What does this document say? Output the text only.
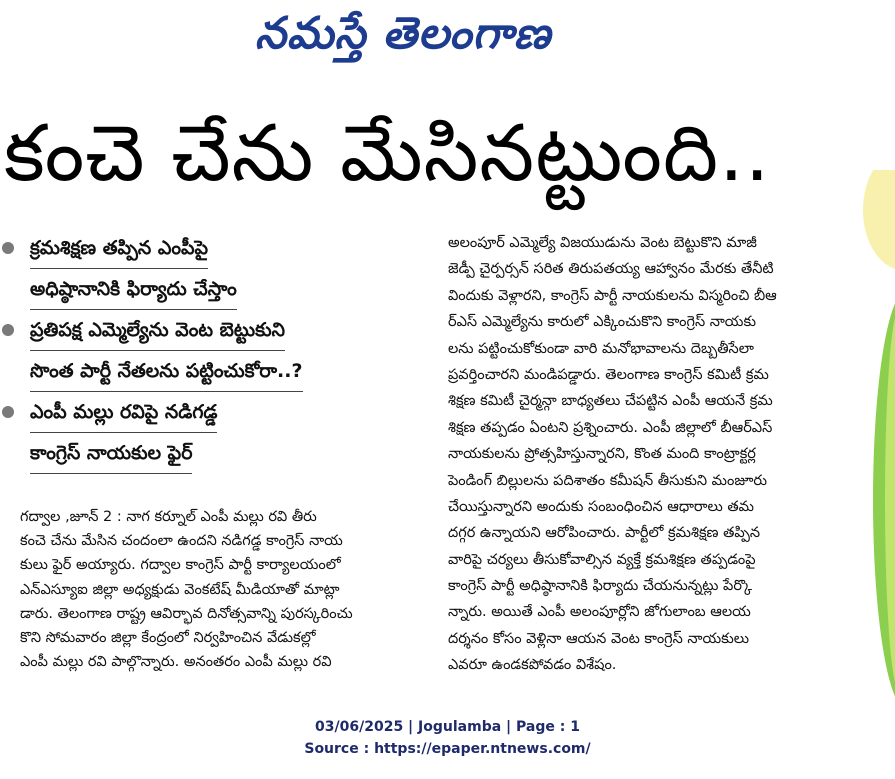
నమస్తే తెలంగాణ
కంచె చేను మేసినట్టుంది..
క్రమశిక్షణ తప్పిన ఎంపీపై
అధిష్ఠానానికి ఫిర్యాదు చేస్తాం
ప్రతిపక్ష ఎమ్మెల్యేను వెంట బెట్టుకుని
సొంత పార్టీ నేతలను పట్టించుకోరా..?
ఎంపీ మల్లు రవిపై నడిగడ్డ
కాంగ్రెస్ నాయకుల ఫైర్
గద్వాల ,జూన్ 2 : నాగ కర్నూల్ ఎంపీ మల్లు రవి తీరు
కంచె చేను మేసిన చందంలా ఉందని నడిగడ్డ కాంగ్రెస్ నాయ
కులు ఫైర్ అయ్యారు. గద్వాల కాంగ్రెస్ పార్టీ కార్యాలయంలో
ఎన్ఎస్యూఐ జిల్లా అధ్యక్షుడు వెంకటేష్ మీడియాతో మాట్లా
డారు. తెలంగాణ రాష్ట్ర ఆవిర్భావ దినోత్సవాన్ని పురస్కరించు
కొని సోమవారం జిల్లా కేంద్రంలో నిర్వహించిన వేడుకల్లో
ఎంపీ మల్లు రవి పాల్గొన్నారు. అనంతరం ఎంపీ మల్లు రవి
అలంపూర్ ఎమ్మెల్యే విజయుడును వెంట బెట్టుకొని మాజీ
జెడ్పీ చైర్పర్సన్ సరిత తిరుపతయ్య ఆహ్వానం మేరకు తేనీటి
విందుకు వెళ్లారని, కాంగ్రెస్ పార్టీ నాయకులను విస్మరించి బీఆ
ర్ఎస్ ఎమ్మెల్యేను కారులో ఎక్కించుకొని కాంగ్రెస్ నాయకు
లను పట్టించుకోకుండా వారి మనోభావాలను దెబ్బతీసేలా
ప్రవర్తించారని మండిపడ్డారు. తెలంగాణ కాంగ్రెస్ కమిటీ క్రమ
శిక్షణ కమిటీ చైర్మన్గా బాధ్యతలు చేపట్టిన ఎంపీ ఆయనే క్రమ
శిక్షణ తప్పడం ఏంటని ప్రశ్నించారు. ఎంపీ జిల్లాలో బీఆర్ఎస్
నాయకులను ప్రోత్సహిస్తున్నారని, కొంత మంది కాంట్రాక్టర్ల
పెండింగ్ బిల్లులను పదిశాతం కమీషన్ తీసుకుని మంజూరు
చేయిస్తున్నారని అందుకు సంబంధించిన ఆధారాలు తమ
దగ్గర ఉన్నాయని ఆరోపించారు. పార్టీలో క్రమశిక్షణ తప్పిన
వారిపై చర్యలు తీసుకోవాల్సిన వ్యక్తే క్రమశిక్షణ తప్పడంపై
కాంగ్రెస్ పార్టీ అధిష్ఠానానికి ఫిర్యాదు చేయనున్నట్లు పేర్కొ
న్నారు. అయితే ఎంపీ అలంపూర్లోని జోగులాంబ ఆలయ
దర్శనం కోసం వెళ్లినా ఆయన వెంట కాంగ్రెస్ నాయకులు
ఎవరూ ఉండకపోవడం విశేషం.
03/06/2025 | Jogulamba | Page : 1
Source : https://epaper.ntnews.com/
